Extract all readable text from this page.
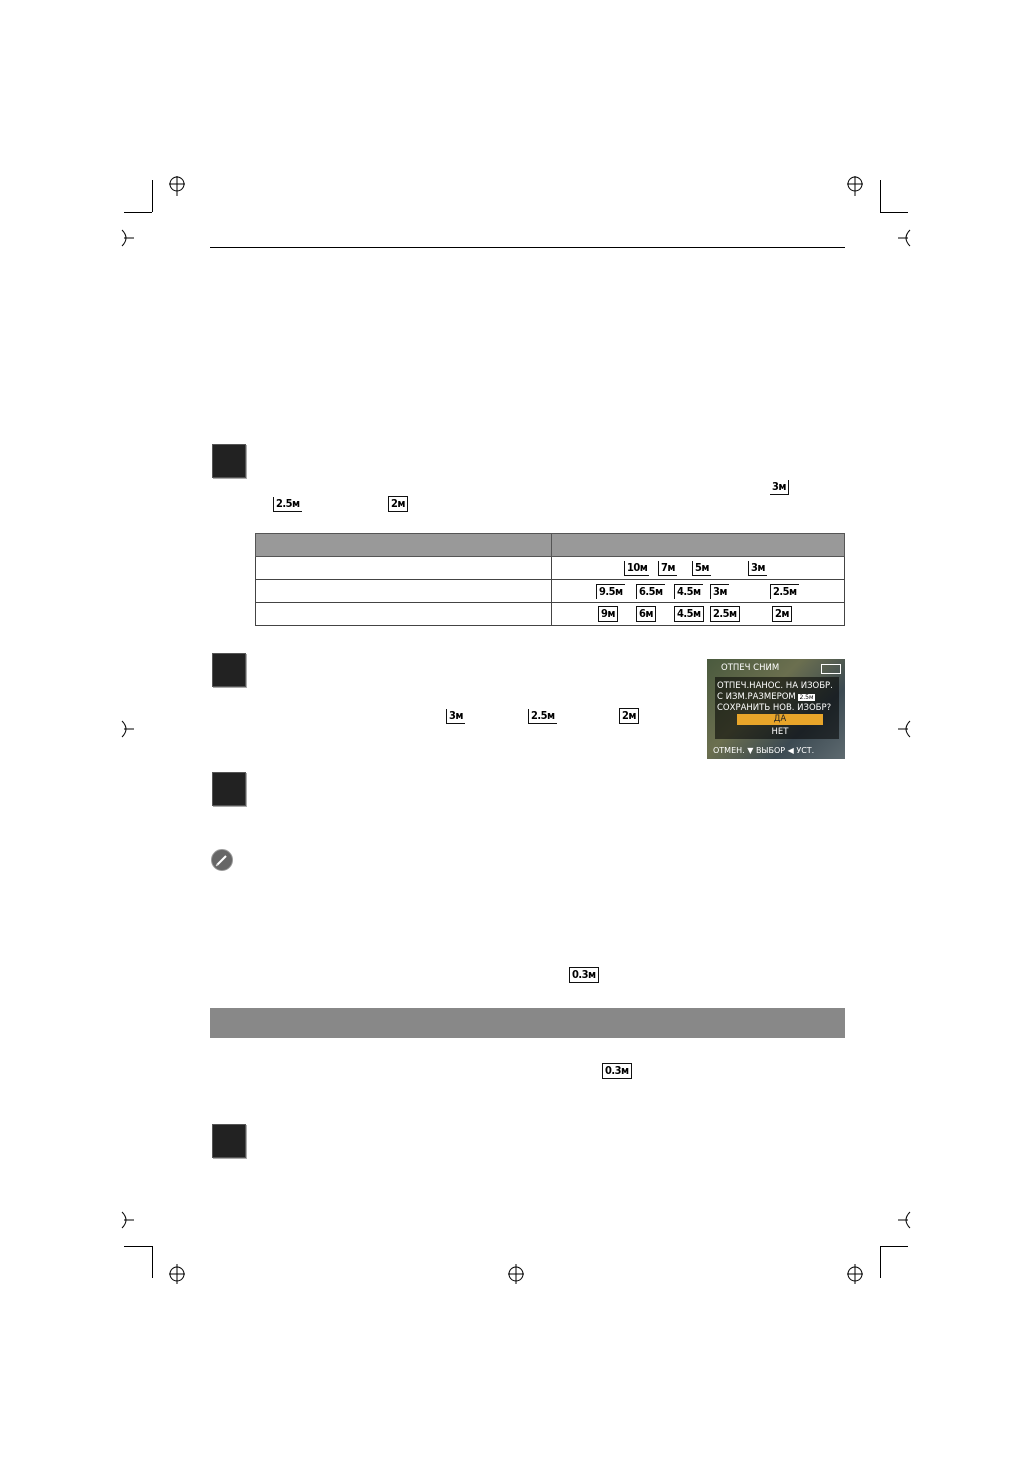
3м
2.5м	2м

	10м 7м 5м 3м

	9.5м 6.5м 4.5м 3м 2.5м

	9м 6м 4.5м 2.5м 2м
3м	2.5м	2м
ОТПЕЧ СНИМ
ОТПЕЧ.НАНОС. НА ИЗОБР.
С ИЗМ.РАЗМЕРОМ 2.5м
СОХРАНИТЬ НОВ. ИЗОБР?
ДА
НЕТ
ОТМЕН. ▼ ВЫБОР ◀ УСТ.
0.3м
0.3м
